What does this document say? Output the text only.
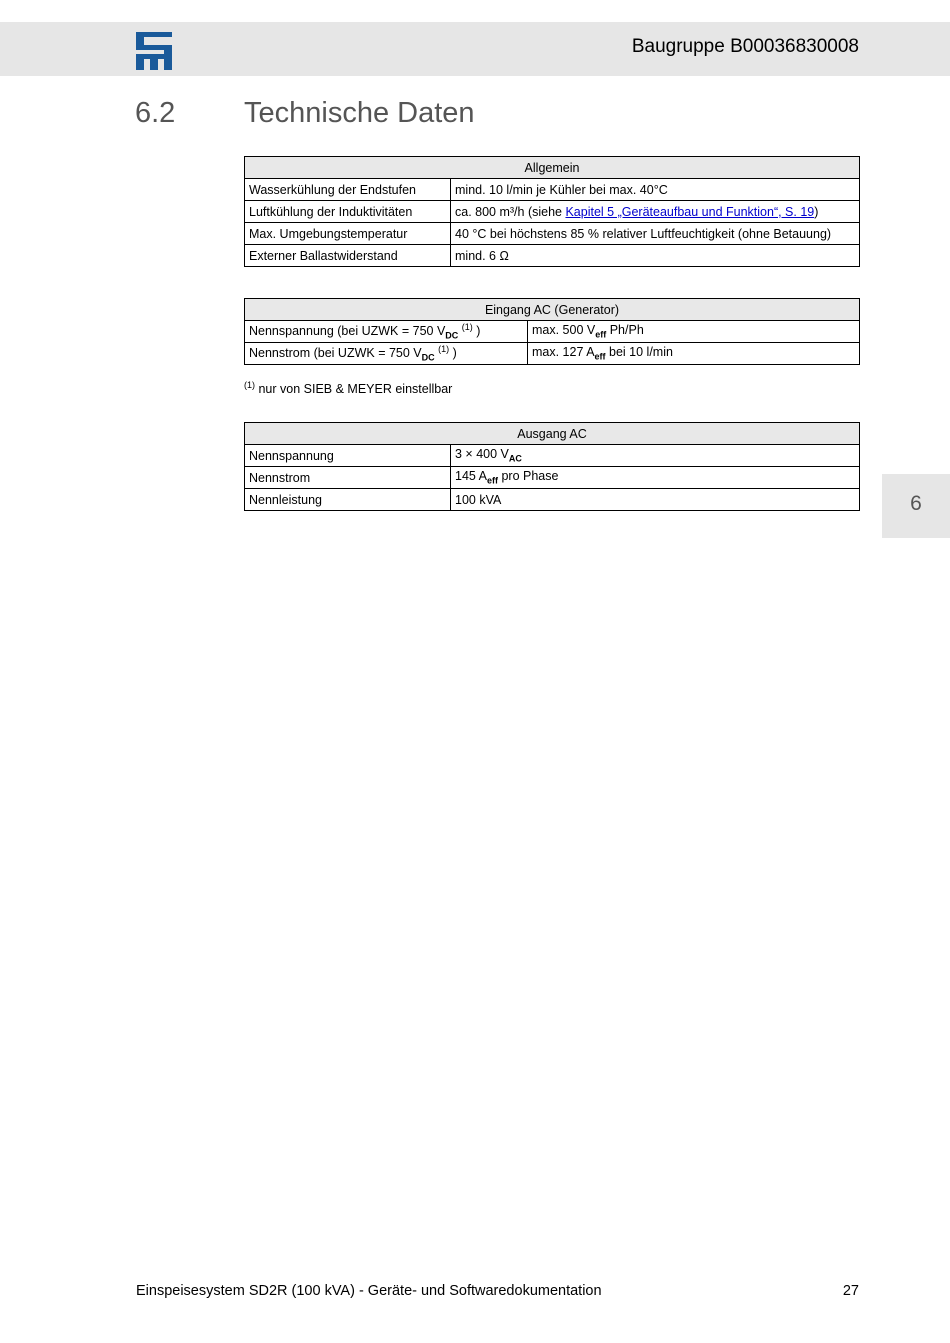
Baugruppe B00036830008
6.2 Technische Daten
Allgemein	
Wasserkühlung der Endstufen	mind. 10 l/min je Kühler bei max. 40°C
Luftkühlung der Induktivitäten	ca. 800 m³/h (siehe Kapitel 5 „Geräteaufbau und Funktion“, S. 19)
Max. Umgebungstemperatur	40 °C bei höchstens 85 % relativer Luftfeuchtigkeit (ohne Betauung)
Externer Ballastwiderstand	mind. 6 Ω
Eingang AC (Generator)	
Nennspannung (bei UZWK = 750 $V_{DC}$ $^{(1)}$ )	max. 500 $V_{eff}$ Ph/Ph
Nennstrom (bei UZWK = 750 $V_{DC}$ $^{(1)}$ )	max. 127 $A_{eff}$ bei 10 l/min
$^{(1)}$ nur von SIEB & MEYER einstellbar
Ausgang AC	
Nennspannung	3 × 400 $V_{AC}$
Nennstrom	145 $A_{eff}$ pro Phase
Nennleistung	100 kVA	6
Einspeisesystem SD2R (100 kVA) - Geräte- und Softwaredokumentation	27
